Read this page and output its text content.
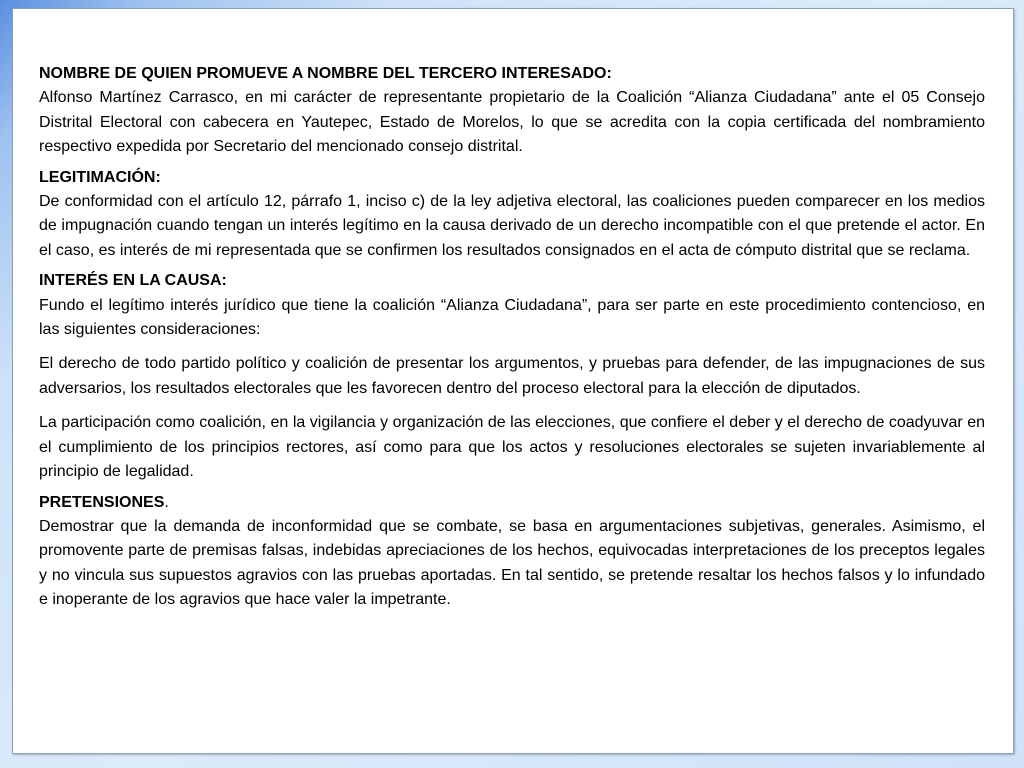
NOMBRE DE QUIEN PROMUEVE A NOMBRE DEL TERCERO INTERESADO:

Alfonso Martínez Carrasco, en mi carácter de representante propietario de la Coalición “Alianza Ciudadana” ante el 05 Consejo Distrital Electoral con cabecera en Yautepec, Estado de Morelos, lo que se acredita con la copia certificada del nombramiento respectivo expedida por Secretario del mencionado consejo distrital.

LEGITIMACIÓN:

De conformidad con el artículo 12, párrafo 1, inciso c) de la ley adjetiva electoral, las coaliciones pueden comparecer en los medios de impugnación cuando tengan un interés legítimo en la causa derivado de un derecho incompatible con el que pretende el actor. En el caso, es interés de mi representada que se confirmen los resultados consignados en el acta de cómputo distrital que se reclama.

INTERÉS EN LA CAUSA:

Fundo el legítimo interés jurídico que tiene la coalición “Alianza Ciudadana”, para ser parte en este procedimiento contencioso, en las siguientes consideraciones:

El derecho de todo partido político y coalición de presentar los argumentos, y pruebas para defender, de las impugnaciones de sus adversarios, los resultados electorales que les favorecen dentro del proceso electoral para la elección de diputados.

La participación como coalición, en la vigilancia y organización de las elecciones, que confiere el deber y el derecho de coadyuvar en el cumplimiento de los principios rectores, así como para que los actos y resoluciones electorales se sujeten invariablemente al principio de legalidad.

PRETENSIONES.

Demostrar que la demanda de inconformidad que se combate, se basa en argumentaciones subjetivas, generales. Asimismo, el promovente parte de premisas falsas, indebidas apreciaciones de los hechos, equivocadas interpretaciones de los preceptos legales y no vincula sus supuestos agravios con las pruebas aportadas. En tal sentido, se pretende resaltar los hechos falsos y lo infundado e inoperante de los agravios que hace valer la impetrante.
